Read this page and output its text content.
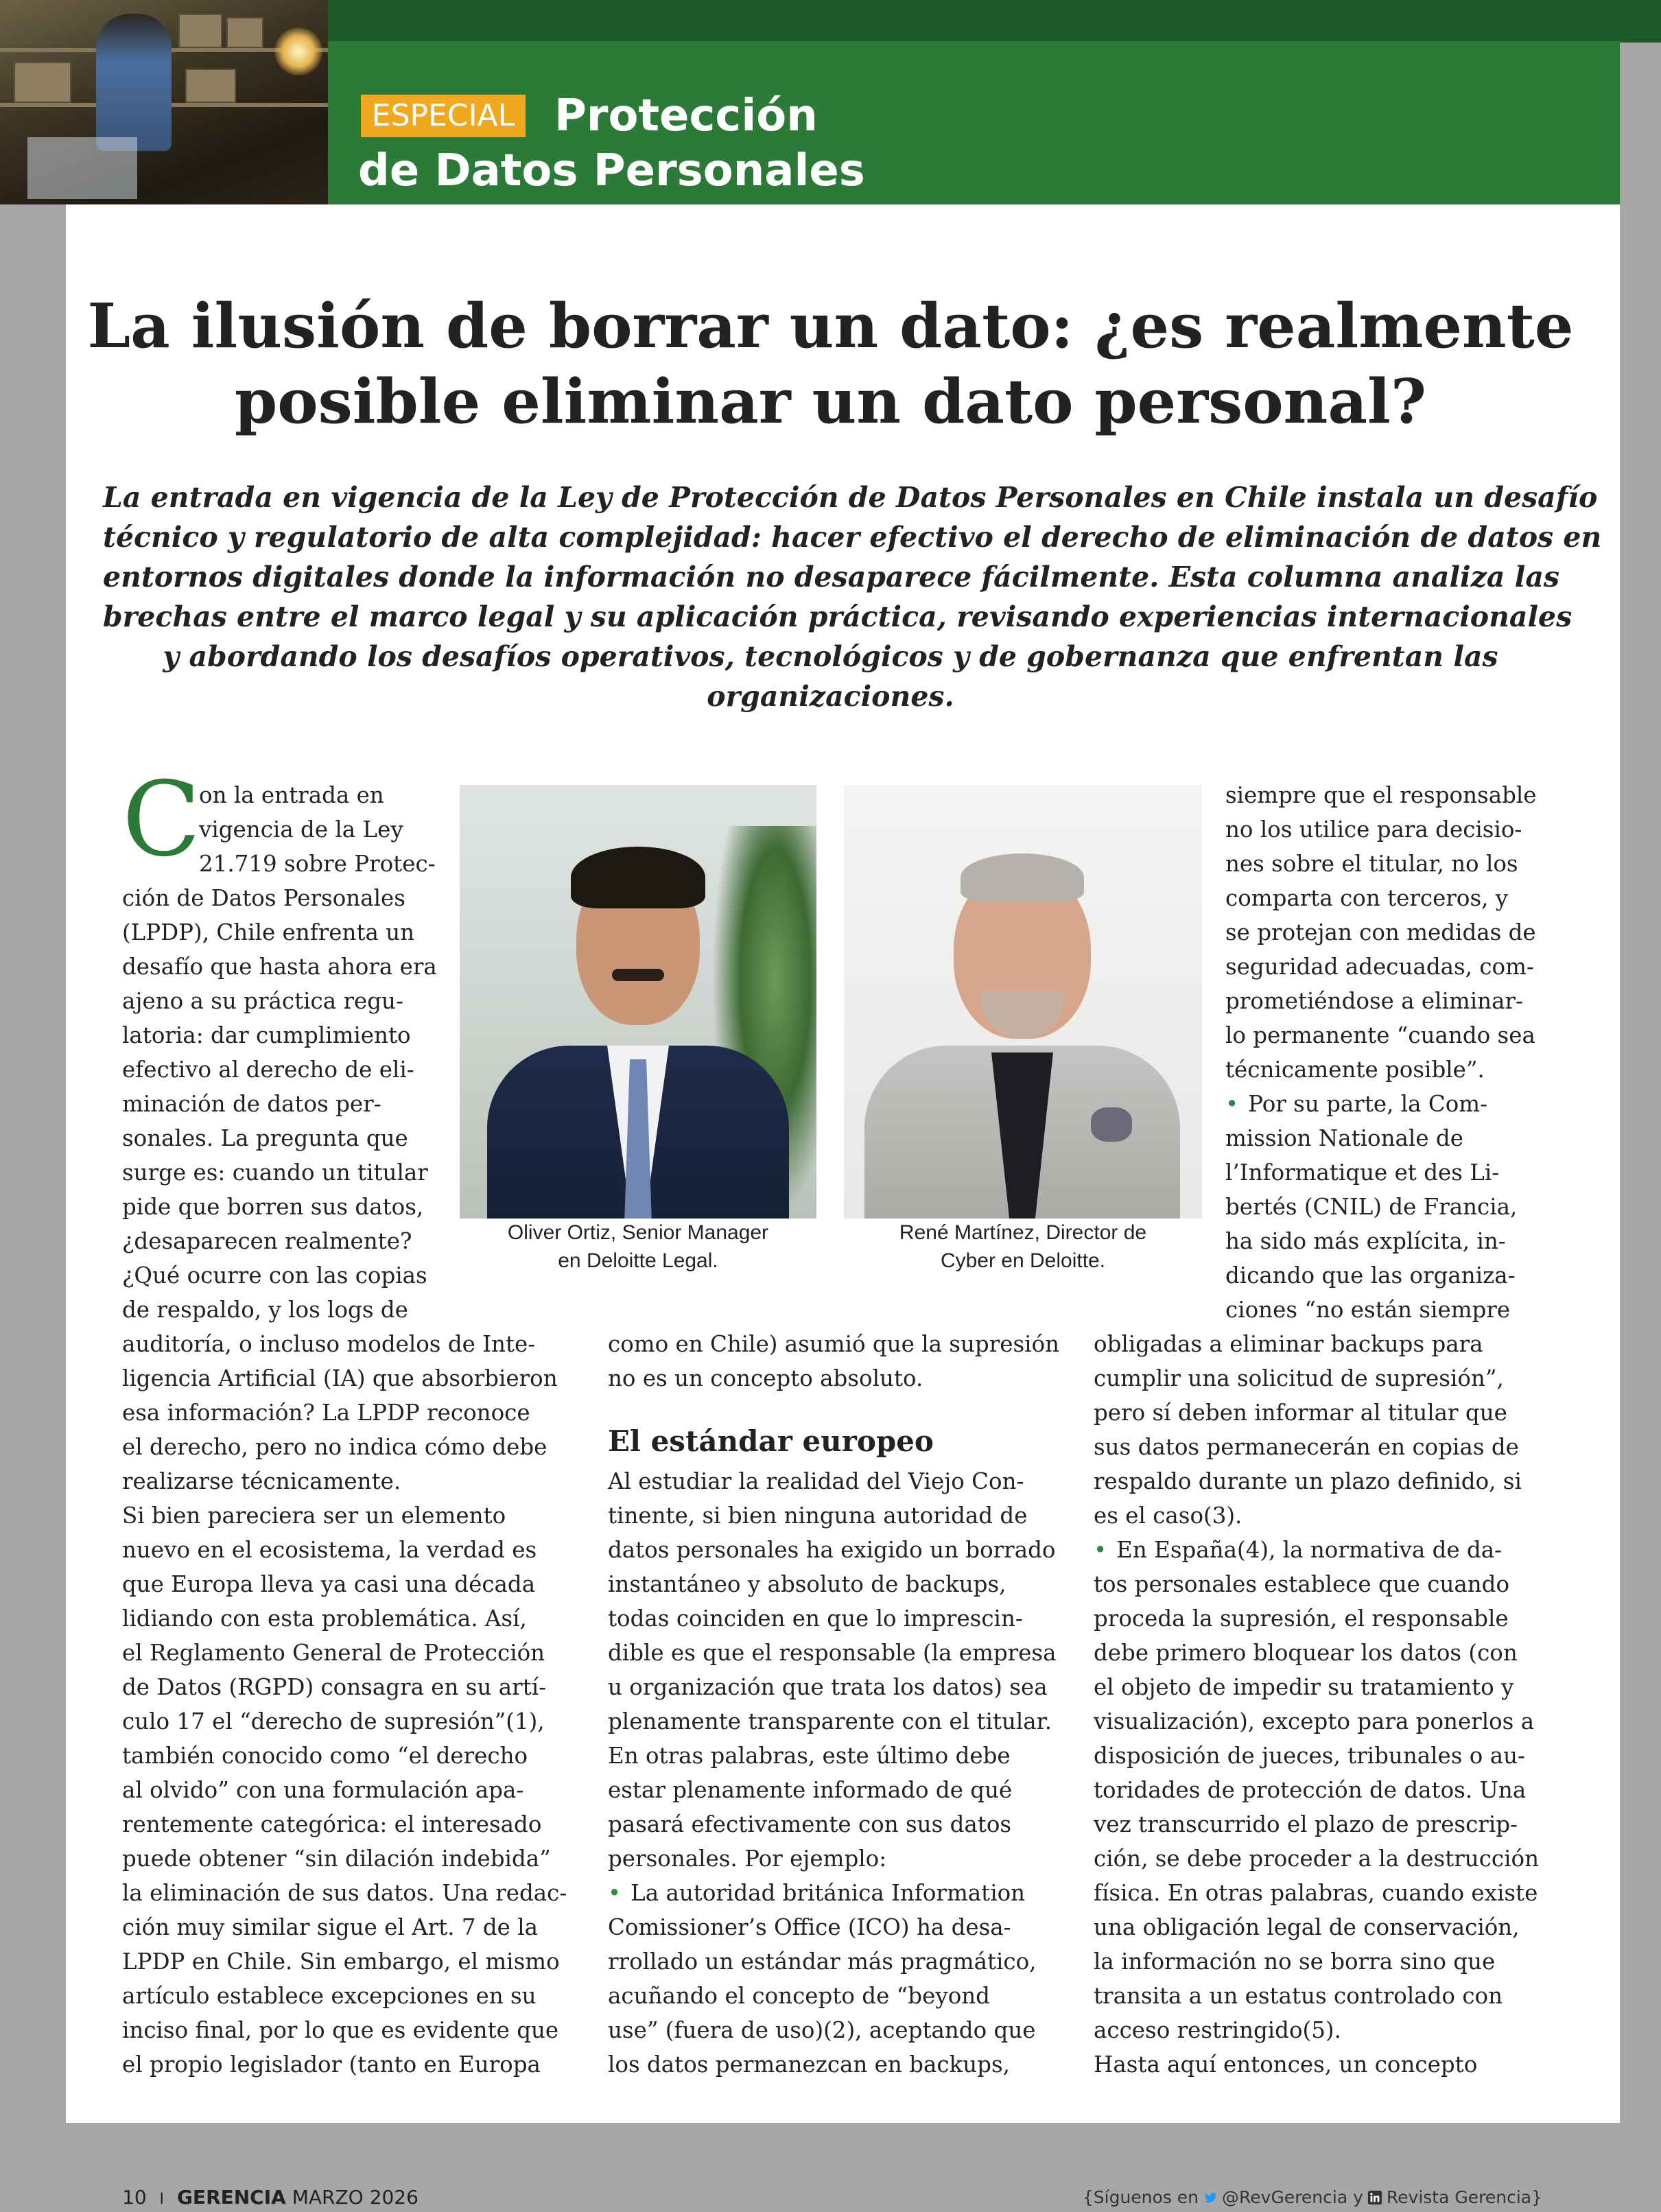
ESPECIAL Protección
de Datos Personales
La ilusión de borrar un dato: ¿es realmente
posible eliminar un dato personal?
La entrada en vigencia de la Ley de Protección de Datos Personales en Chile instala un desafío
técnico y regulatorio de alta complejidad: hacer efectivo el derecho de eliminación de datos en
entornos digitales donde la información no desaparece fácilmente. Esta columna analiza las
brechas entre el marco legal y su aplicación práctica, revisando experiencias internacionales
y abordando los desafíos operativos, tecnológicos y de gobernanza que enfrentan las
organizaciones.
C
on la entrada en
vigencia de la Ley
21.719 sobre Protec-
ción de Datos Personales
(LPDP), Chile enfrenta un
desafío que hasta ahora era
ajeno a su práctica regu-
latoria: dar cumplimiento
efectivo al derecho de eli-
minación de datos per-
sonales. La pregunta que
surge es: cuando un titular
pide que borren sus datos,
¿desaparecen realmente?
¿Qué ocurre con las copias
de respaldo, y los logs de
auditoría, o incluso modelos de Inte-
ligencia Artificial (IA) que absorbieron
esa información? La LPDP reconoce
el derecho, pero no indica cómo debe
realizarse técnicamente.
Si bien pareciera ser un elemento
nuevo en el ecosistema, la verdad es
que Europa lleva ya casi una década
lidiando con esta problemática. Así,
el Reglamento General de Protección
de Datos (RGPD) consagra en su artí-
culo 17 el “derecho de supresión”(1),
también conocido como “el derecho
al olvido” con una formulación apa-
rentemente categórica: el interesado
puede obtener “sin dilación indebida”
la eliminación de sus datos. Una redac-
ción muy similar sigue el Art. 7 de la
LPDP en Chile. Sin embargo, el mismo
artículo establece excepciones en su
inciso final, por lo que es evidente que
el propio legislador (tanto en Europa
Oliver Ortiz, Senior Manager
en Deloitte Legal.
René Martínez, Director de
Cyber en Deloitte.
como en Chile) asumió que la supresión
no es un concepto absoluto.
El estándar europeo
Al estudiar la realidad del Viejo Con-
tinente, si bien ninguna autoridad de
datos personales ha exigido un borrado
instantáneo y absoluto de backups,
todas coinciden en que lo imprescin-
dible es que el responsable (la empresa
u organización que trata los datos) sea
plenamente transparente con el titular.
En otras palabras, este último debe
estar plenamente informado de qué
pasará efectivamente con sus datos
personales. Por ejemplo:
• La autoridad británica Information
Comissioner’s Office (ICO) ha desa-
rrollado un estándar más pragmático,
acuñando el concepto de “beyond
use” (fuera de uso)(2), aceptando que
los datos permanezcan en backups,
siempre que el responsable
no los utilice para decisio-
nes sobre el titular, no los
comparta con terceros, y
se protejan con medidas de
seguridad adecuadas, com-
prometiéndose a eliminar-
lo permanente “cuando sea
técnicamente posible”.
• Por su parte, la Com-
mission Nationale de
l’Informatique et des Li-
bertés (CNIL) de Francia,
ha sido más explícita, in-
dicando que las organiza-
ciones “no están siempre
obligadas a eliminar backups para
cumplir una solicitud de supresión”,
pero sí deben informar al titular que
sus datos permanecerán en copias de
respaldo durante un plazo definido, si
es el caso(3).
• En España(4), la normativa de da-
tos personales establece que cuando
proceda la supresión, el responsable
debe primero bloquear los datos (con
el objeto de impedir su tratamiento y
visualización), excepto para ponerlos a
disposición de jueces, tribunales o au-
toridades de protección de datos. Una
vez transcurrido el plazo de prescrip-
ción, se debe proceder a la destrucción
física. En otras palabras, cuando existe
una obligación legal de conservación,
la información no se borra sino que
transita a un estatus controlado con
acceso restringido(5).
Hasta aquí entonces, un concepto
10 I GERENCIA MARZO 2026	{Síguenos en @RevGerencia y Revista Gerencia}
